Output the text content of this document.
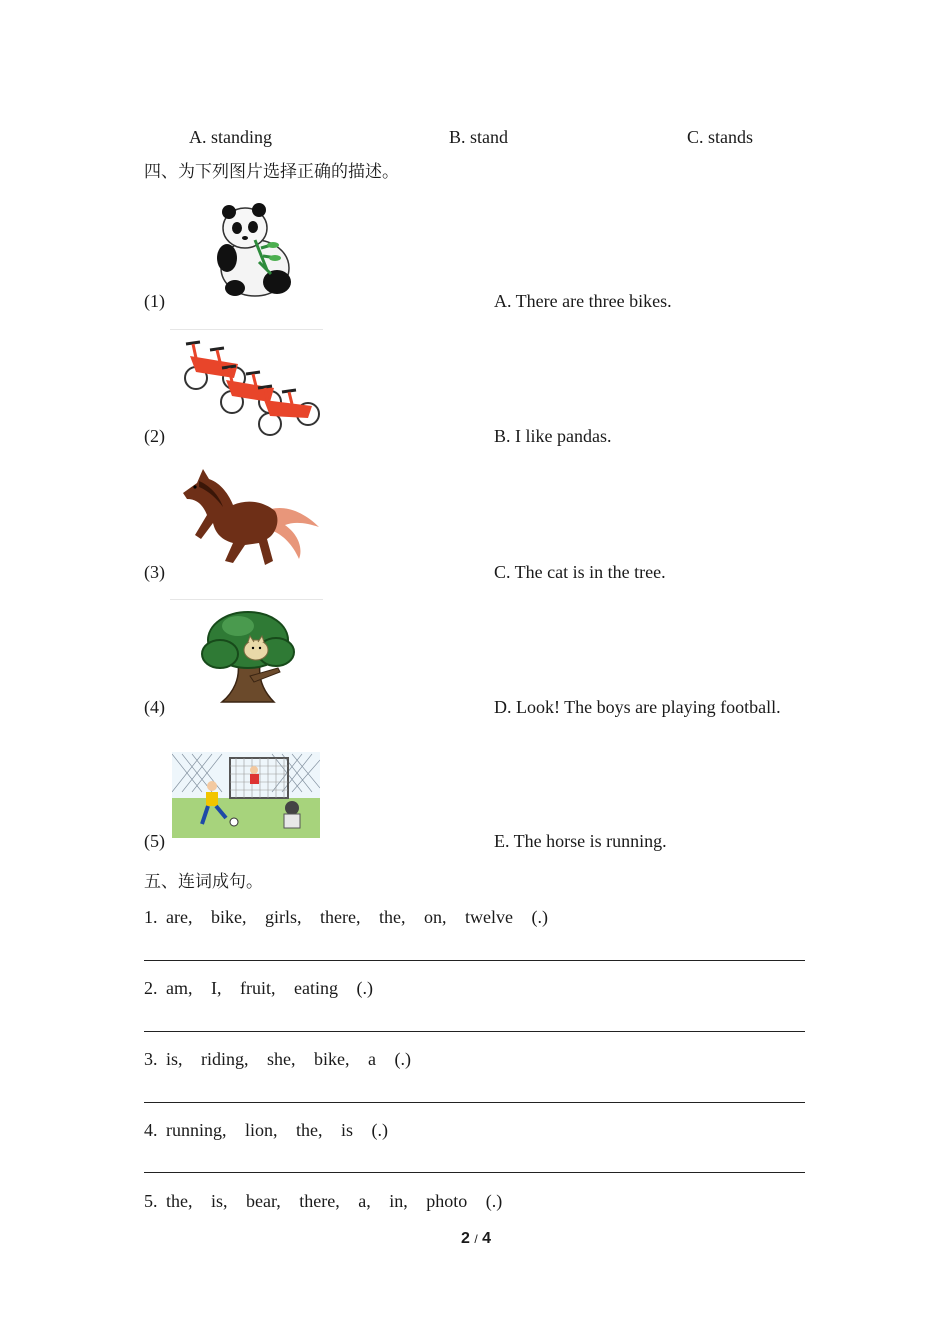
A. standing	B. stand	C. stands
四、为下列图片选择正确的描述。
(1)	A. There are three bikes.
(2)	B. I like pandas.
(3)	C. The cat is in the tree.
(4)	D. Look! The boys are playing football.
(5)	E. The horse is running.
五、连词成句。
1. are, bike, girls, there, the, on, twelve (.)
2. am, I, fruit, eating (.)
3. is, riding, she, bike, a (.)
4. running, lion, the, is (.)
5. the, is, bear, there, a, in, photo (.)
2 / 4
